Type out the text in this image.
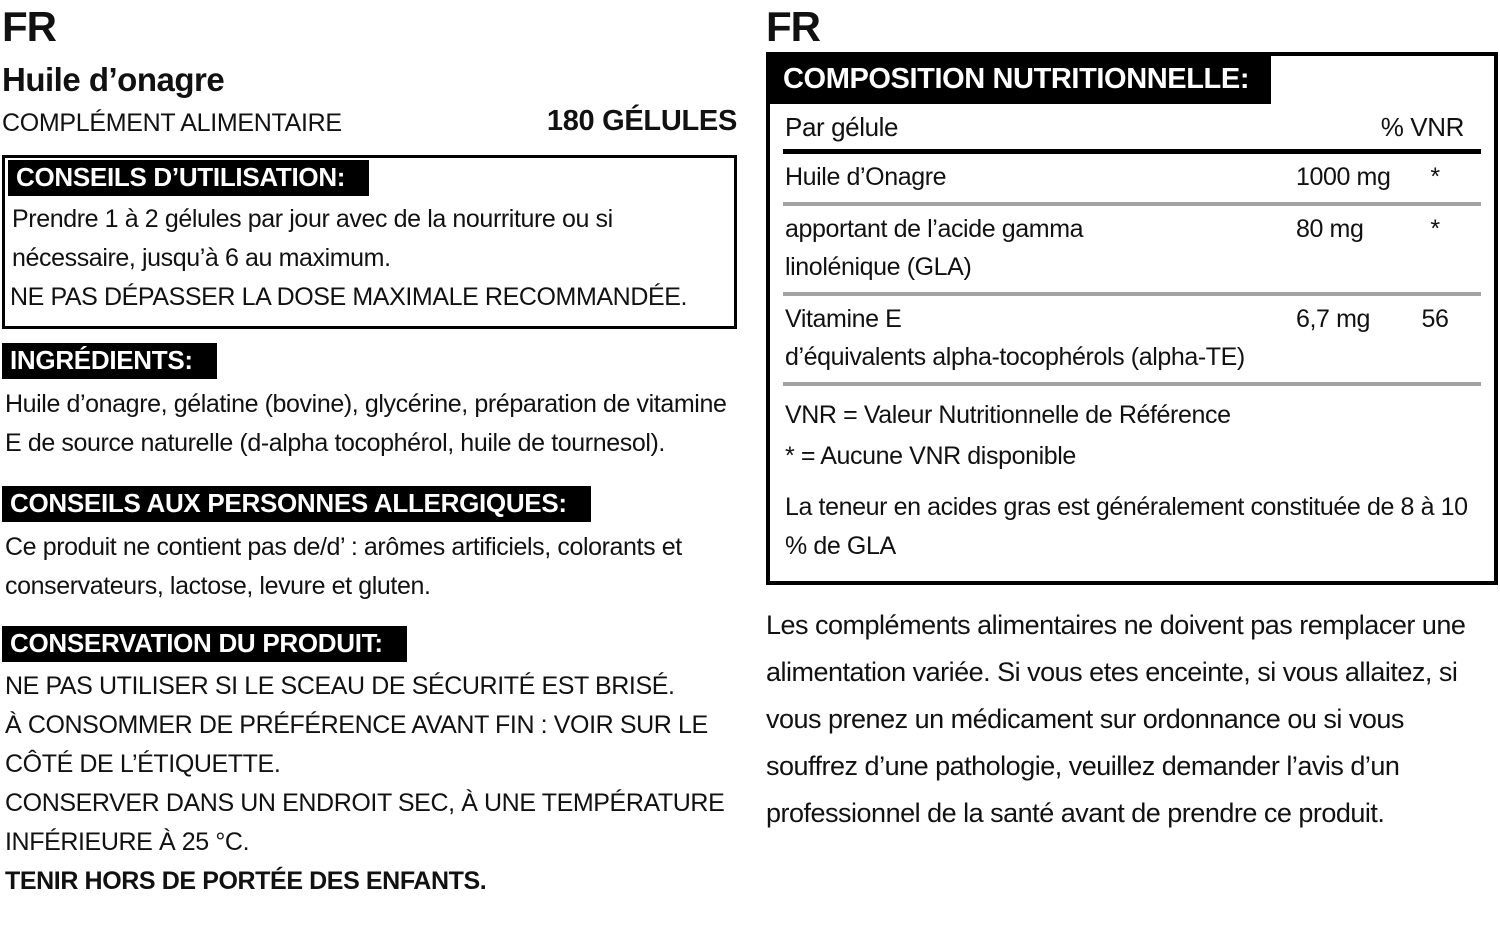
FR
Huile d’onagre
COMPLÉMENT ALIMENTAIRE	180 GÉLULES
CONSEILS D’UTILISATION:
Prendre 1 à 2 gélules par jour avec de la nourriture ou si nécessaire, jusqu’à 6 au maximum.
NE PAS DÉPASSER LA DOSE MAXIMALE RECOMMANDÉE.
INGRÉDIENTS:
Huile d’onagre, gélatine (bovine), glycérine, préparation de vitamine E de source naturelle (d-alpha tocophérol, huile de tournesol).
CONSEILS AUX PERSONNES ALLERGIQUES:
Ce produit ne contient pas de/d’ : arômes artificiels, colorants et conservateurs, lactose, levure et gluten.
CONSERVATION DU PRODUIT:
NE PAS UTILISER SI LE SCEAU DE SÉCURITÉ EST BRISÉ.
À CONSOMMER DE PRÉFÉRENCE AVANT FIN : VOIR SUR LE CÔTÉ DE L’ÉTIQUETTE.
CONSERVER DANS UN ENDROIT SEC, À UNE TEMPÉRATURE INFÉRIEURE À 25 °C.
TENIR HORS DE PORTÉE DES ENFANTS.
FR
COMPOSITION NUTRITIONNELLE:
Par gélule	% VNR
Huile d’Onagre	1000 mg	*
apportant de l’acide gamma	80 mg	*
linolénique (GLA)
Vitamine E	6,7 mg	56
d’équivalents alpha-tocophérols (alpha-TE)
VNR = Valeur Nutritionnelle de Référence
* = Aucune VNR disponible
La teneur en acides gras est généralement constituée de 8 à 10 % de GLA
Les compléments alimentaires ne doivent pas remplacer une alimentation variée. Si vous etes enceinte, si vous allaitez, si vous prenez un médicament sur ordonnance ou si vous souffrez d’une pathologie, veuillez demander l’avis d’un professionnel de la santé avant de prendre ce produit.
